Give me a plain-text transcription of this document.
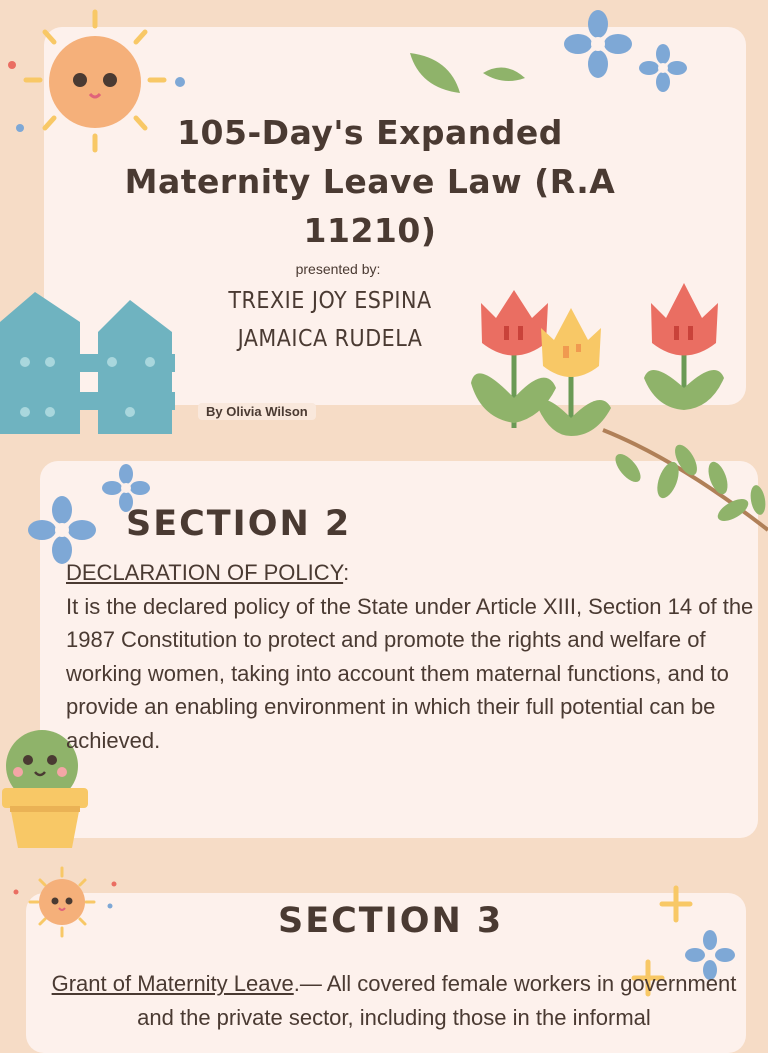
105-Day's Expanded Maternity Leave Law (R.A 11210)
presented by:
TREXIE JOY ESPINA
JAMAICA RUDELA
By Olivia Wilson
SECTION 2
DECLARATION OF POLICY:
It is the declared policy of the State under Article XIII, Section 14 of the 1987 Constitution to protect and promote the rights and welfare of working women, taking into account them maternal functions, and to provide an enabling environment in which their full potential can be achieved.
SECTION 3
Grant of Maternity Leave.— All covered female workers in government and the private sector, including those in the informal
